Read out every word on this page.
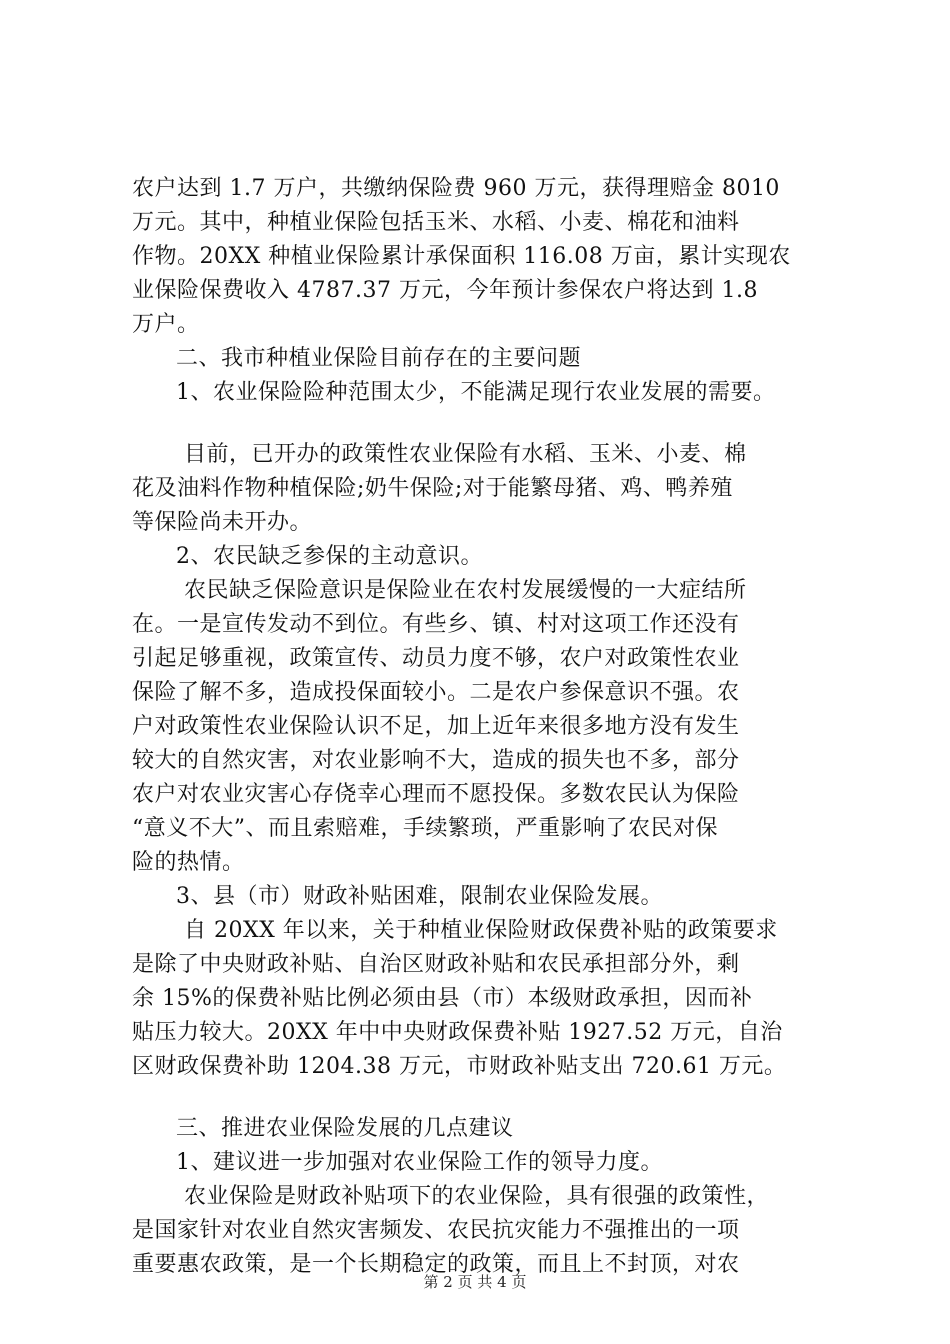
农户达到 1.7 万户，共缴纳保险费 960 万元，获得理赔金 8010
万元。其中，种植业保险包括玉米、水稻、小麦、棉花和油料
作物。20XX 种植业保险累计承保面积 116.08 万亩，累计实现农
业保险保费收入 4787.37 万元，今年预计参保农户将达到 1.8
万户。
二、我市种植业保险目前存在的主要问题
1、农业保险险种范围太少，不能满足现行农业发展的需要。
目前，已开办的政策性农业保险有水稻、玉米、小麦、棉
花及油料作物种植保险;奶牛保险;对于能繁母猪、鸡、鸭养殖
等保险尚未开办。
2、农民缺乏参保的主动意识。
农民缺乏保险意识是保险业在农村发展缓慢的一大症结所
在。一是宣传发动不到位。有些乡、镇、村对这项工作还没有
引起足够重视，政策宣传、动员力度不够，农户对政策性农业
保险了解不多，造成投保面较小。二是农户参保意识不强。农
户对政策性农业保险认识不足，加上近年来很多地方没有发生
较大的自然灾害，对农业影响不大，造成的损失也不多，部分
农户对农业灾害心存侥幸心理而不愿投保。多数农民认为保险
“意义不大”、而且索赔难，手续繁琐，严重影响了农民对保
险的热情。
3、县（市）财政补贴困难，限制农业保险发展。
自 20XX 年以来，关于种植业保险财政保费补贴的政策要求
是除了中央财政补贴、自治区财政补贴和农民承担部分外，剩
余 15%的保费补贴比例必须由县（市）本级财政承担，因而补
贴压力较大。20XX 年中中央财政保费补贴 1927.52 万元，自治
区财政保费补助 1204.38 万元，市财政补贴支出 720.61 万元。
三、推进农业保险发展的几点建议
1、建议进一步加强对农业保险工作的领导力度。
农业保险是财政补贴项下的农业保险，具有很强的政策性，
是国家针对农业自然灾害频发、农民抗灾能力不强推出的一项
重要惠农政策，是一个长期稳定的政策，而且上不封顶，对农
第 2 页 共 4 页
